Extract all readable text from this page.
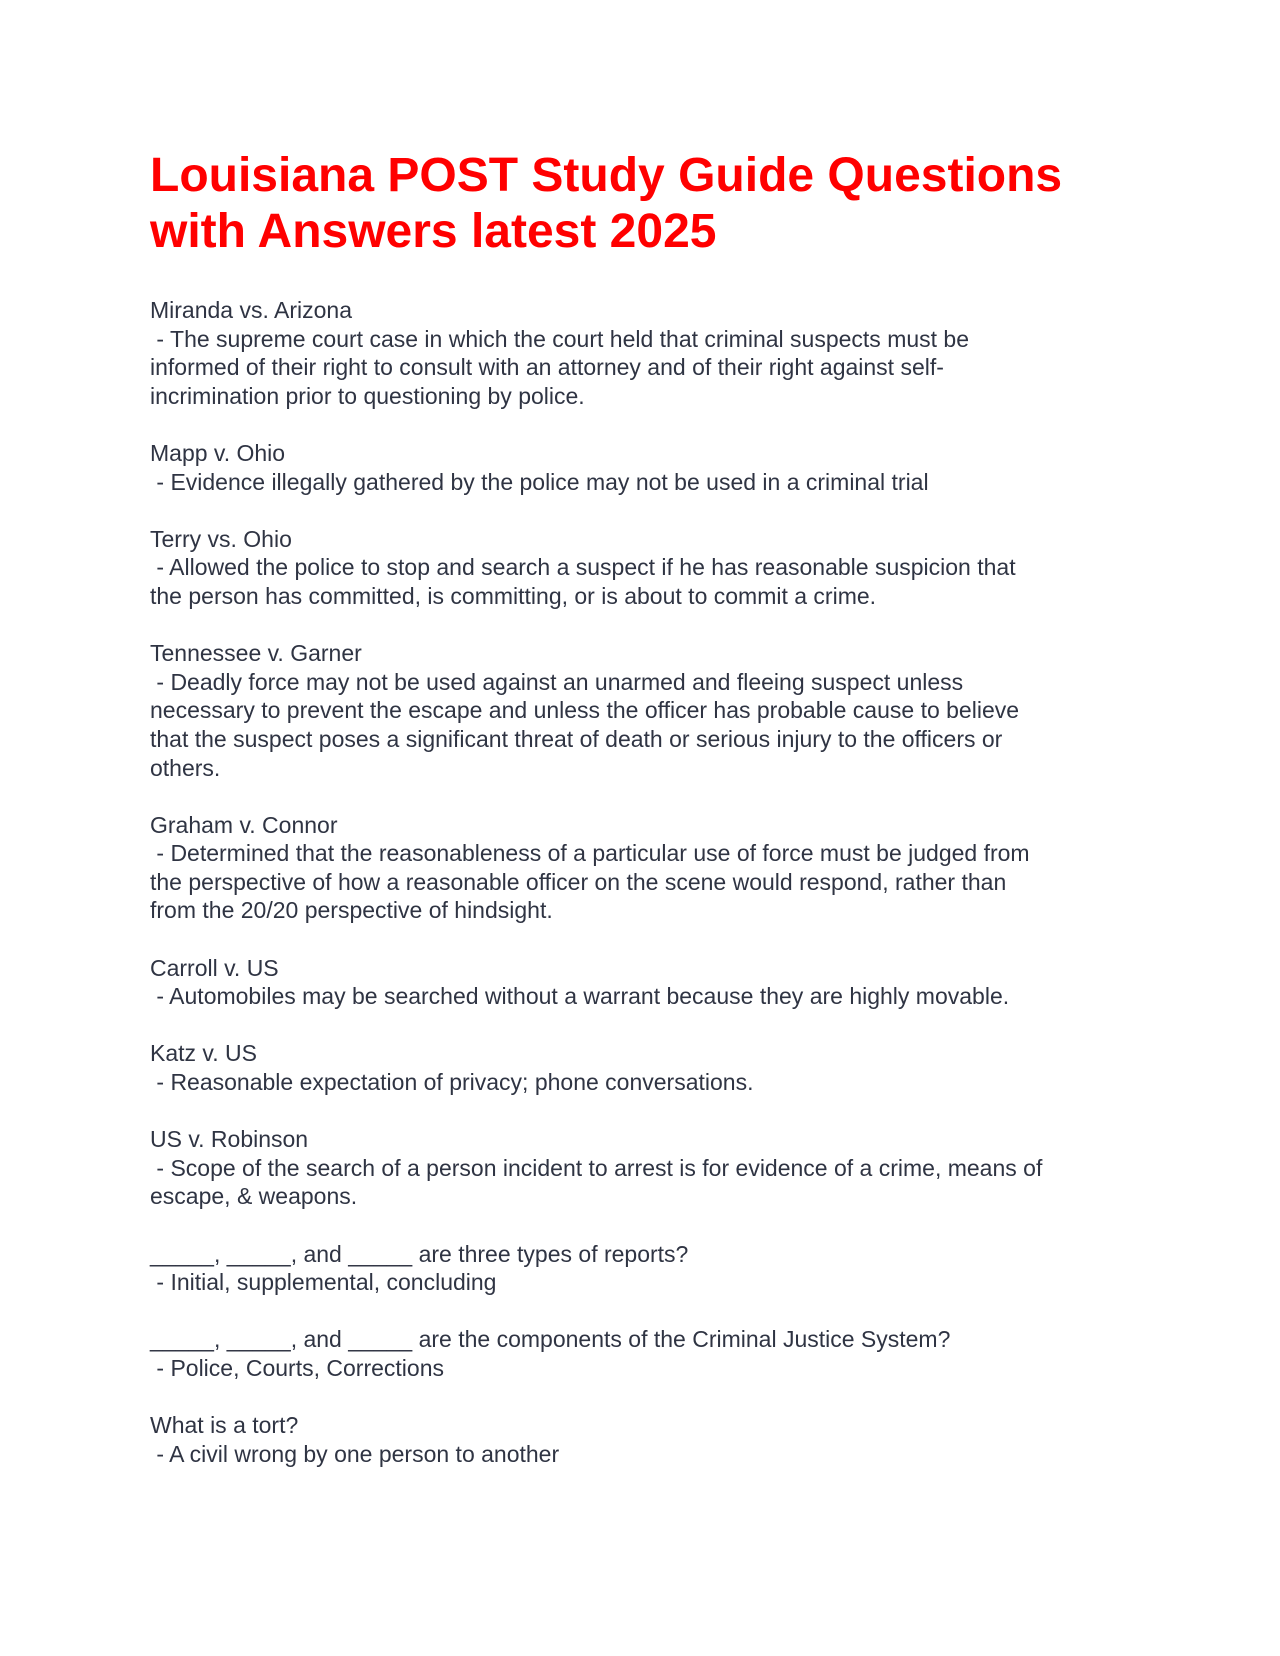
Louisiana POST Study Guide Questions
with Answers latest 2025
Miranda vs. Arizona
- The supreme court case in which the court held that criminal suspects must be
informed of their right to consult with an attorney and of their right against self-
incrimination prior to questioning by police.
Mapp v. Ohio
- Evidence illegally gathered by the police may not be used in a criminal trial
Terry vs. Ohio
- Allowed the police to stop and search a suspect if he has reasonable suspicion that
the person has committed, is committing, or is about to commit a crime.
Tennessee v. Garner
- Deadly force may not be used against an unarmed and fleeing suspect unless
necessary to prevent the escape and unless the officer has probable cause to believe
that the suspect poses a significant threat of death or serious injury to the officers or
others.
Graham v. Connor
- Determined that the reasonableness of a particular use of force must be judged from
the perspective of how a reasonable officer on the scene would respond, rather than
from the 20/20 perspective of hindsight.
Carroll v. US
- Automobiles may be searched without a warrant because they are highly movable.
Katz v. US
- Reasonable expectation of privacy; phone conversations.
US v. Robinson
- Scope of the search of a person incident to arrest is for evidence of a crime, means of
escape, & weapons.
_____, _____, and _____ are three types of reports?
- Initial, supplemental, concluding
_____, _____, and _____ are the components of the Criminal Justice System?
- Police, Courts, Corrections
What is a tort?
- A civil wrong by one person to another
